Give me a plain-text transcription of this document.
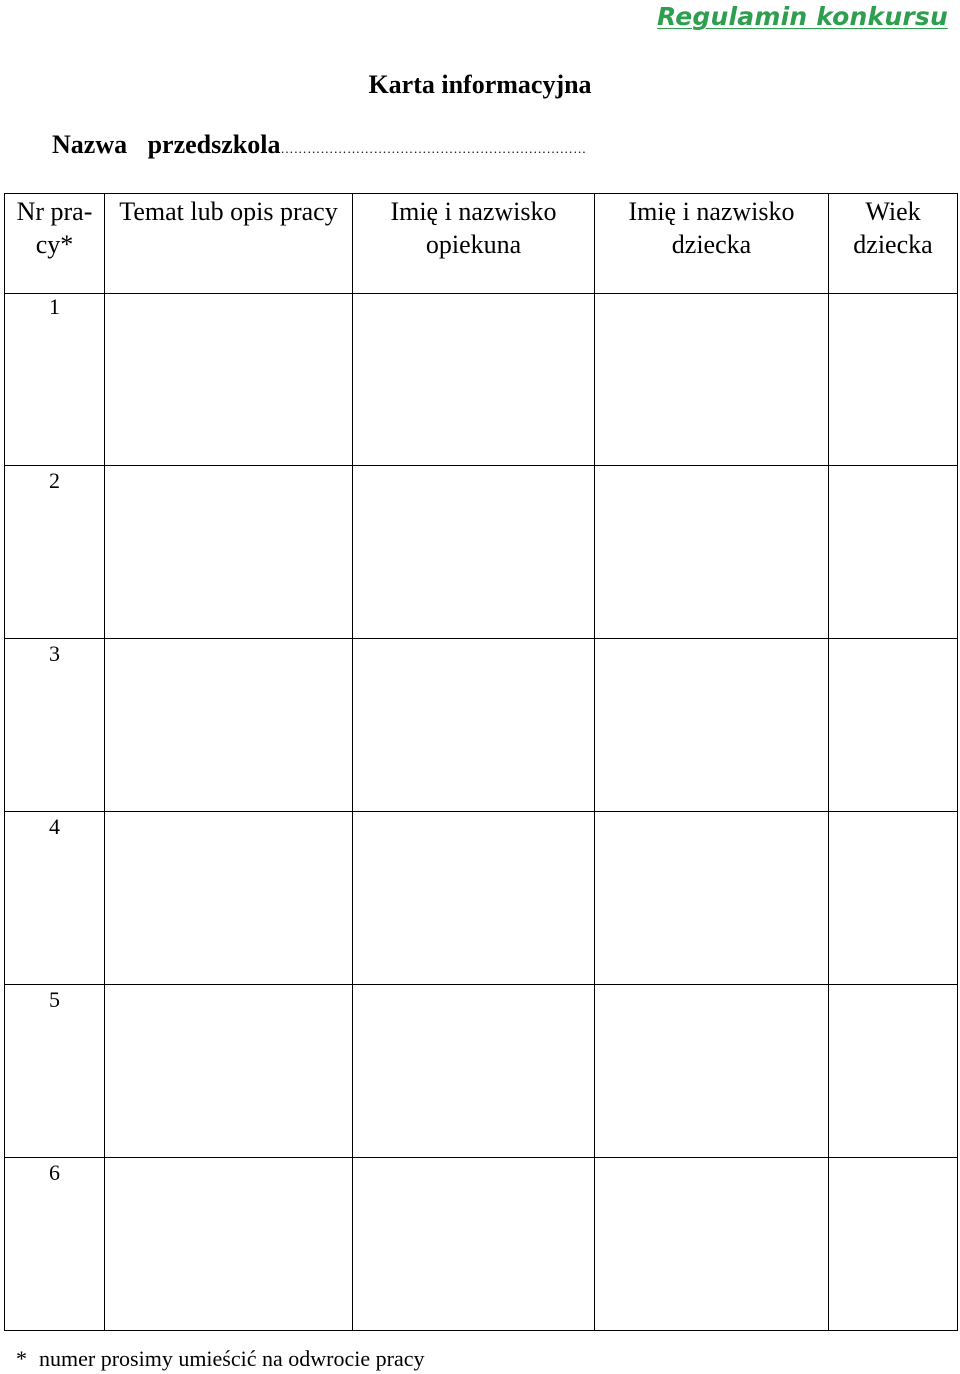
Regulamin konkursu
Karta informacyjna
Nazwa przedszkola……………………………………………………………
Nr pra-cy*	Temat lub opis pracy	Imię i nazwisko opiekuna	Imię i nazwisko dziecka	Wiek dziecka
1				
2				
3				
4				
5				
6				
* numer prosimy umieścić na odwrocie pracy
